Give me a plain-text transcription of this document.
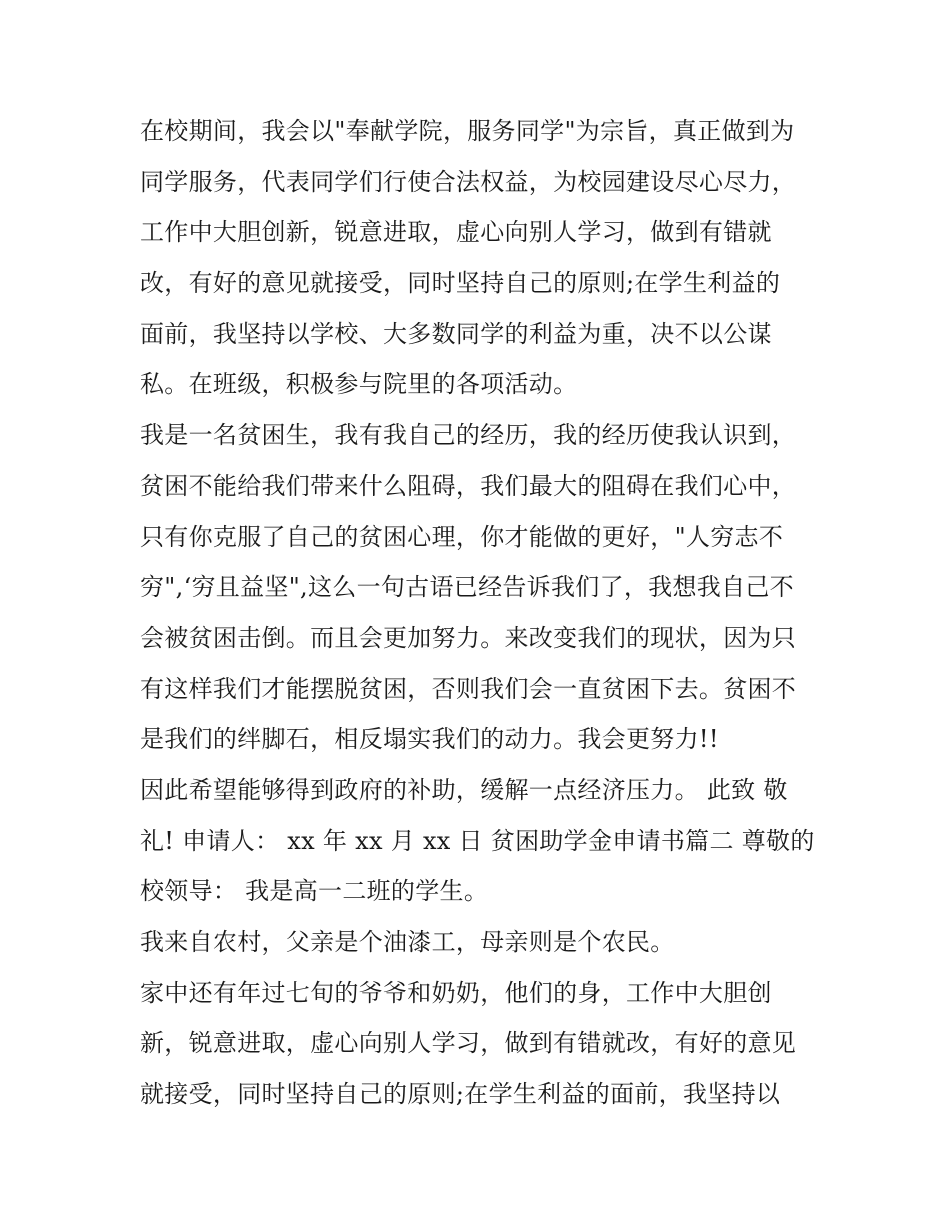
在校期间，我会以"奉献学院，服务同学"为宗旨，真正做到为
同学服务，代表同学们行使合法权益，为校园建设尽心尽力，
工作中大胆创新，锐意进取，虚心向别人学习，做到有错就
改，有好的意见就接受，同时坚持自己的原则;在学生利益的
面前，我坚持以学校、大多数同学的利益为重，决不以公谋
私。在班级，积极参与院里的各项活动。
我是一名贫困生，我有我自己的经历，我的经历使我认识到，
贫困不能给我们带来什么阻碍，我们最大的阻碍在我们心中，
只有你克服了自己的贫困心理，你才能做的更好，"人穷志不
穷",‘穷且益坚",这么一句古语已经告诉我们了，我想我自己不
会被贫困击倒。而且会更加努力。来改变我们的现状，因为只
有这样我们才能摆脱贫困，否则我们会一直贫困下去。贫困不
是我们的绊脚石，相反塌实我们的动力。我会更努力!!
因此希望能够得到政府的补助，缓解一点经济压力。 此致 敬
礼! 申请人： xx 年 xx 月 xx 日 贫困助学金申请书篇二 尊敬的
校领导： 我是高一二班的学生。
我来自农村，父亲是个油漆工，母亲则是个农民。
家中还有年过七旬的爷爷和奶奶，他们的身，工作中大胆创
新，锐意进取，虚心向别人学习，做到有错就改，有好的意见
就接受，同时坚持自己的原则;在学生利益的面前，我坚持以
